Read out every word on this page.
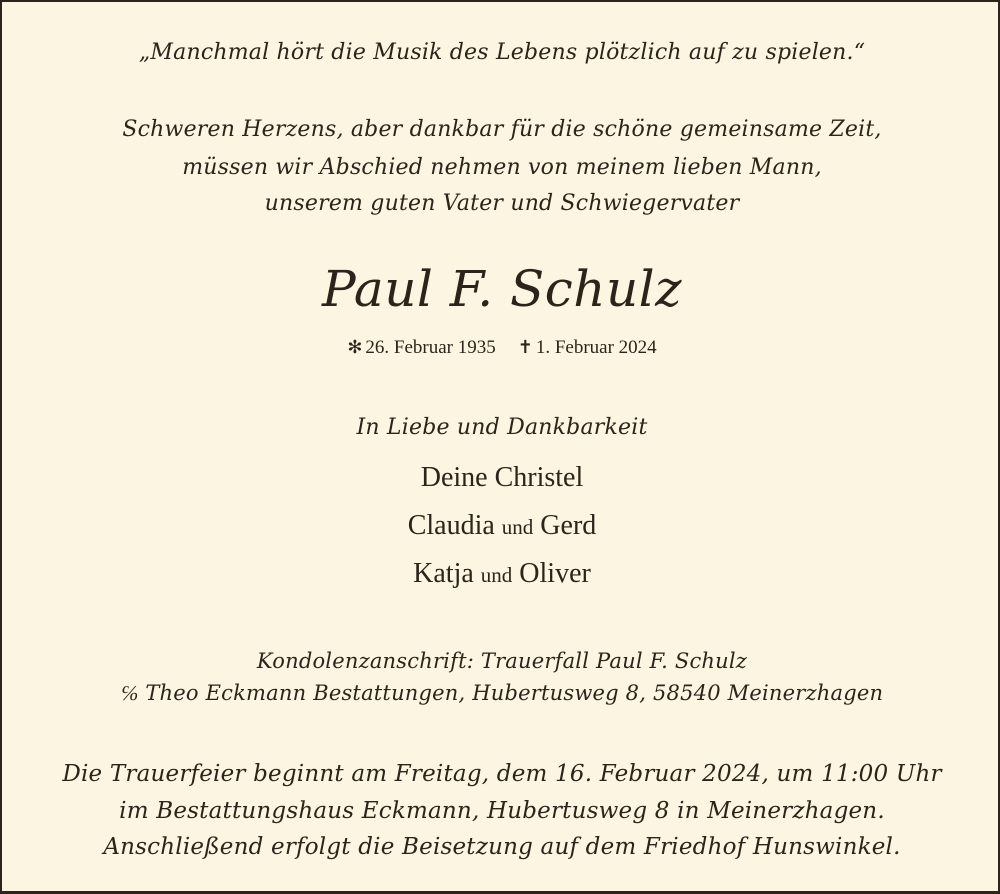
„Manchmal hört die Musik des Lebens plötzlich auf zu spielen.“
Schweren Herzens, aber dankbar für die schöne gemeinsame Zeit,
müssen wir Abschied nehmen von meinem lieben Mann,
unserem guten Vater und Schwiegervater
Paul F. Schulz
✻ 26. Februar 1935 ✝ 1. Februar 2024
In Liebe und Dankbarkeit
Deine Christel
Claudia und Gerd
Katja und Oliver
Kondolenzanschrift: Trauerfall Paul F. Schulz
℅ Theo Eckmann Bestattungen, Hubertusweg 8, 58540 Meinerzhagen
Die Trauerfeier beginnt am Freitag, dem 16. Februar 2024, um 11:00 Uhr
im Bestattungshaus Eckmann, Hubertusweg 8 in Meinerzhagen.
Anschließend erfolgt die Beisetzung auf dem Friedhof Hunswinkel.
